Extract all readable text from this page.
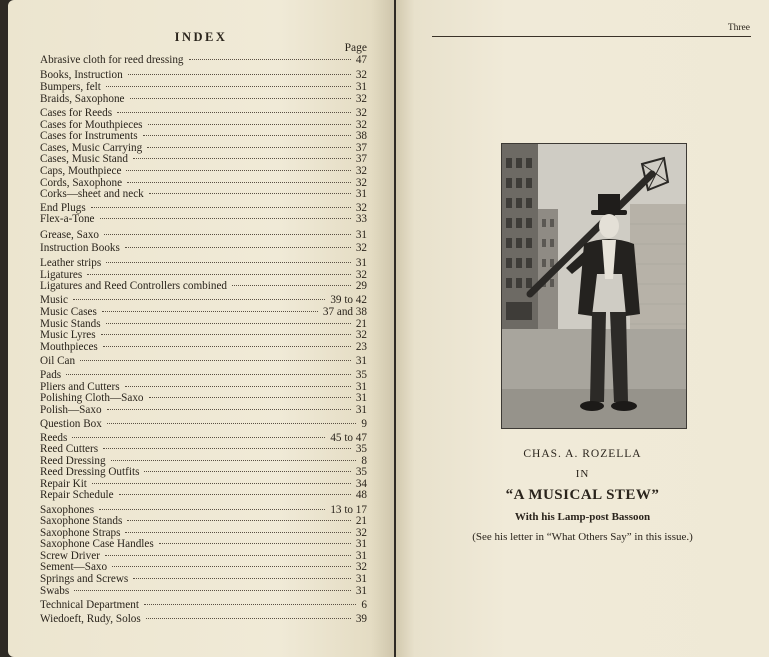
INDEX
Page
Abrasive cloth for reed dressing	47
Books, Instruction	32
Bumpers, felt	31
Braids, Saxophone	32
Cases for Reeds	32
Cases for Mouthpieces	32
Cases for Instruments	38
Cases, Music Carrying	37
Cases, Music Stand	37
Caps, Mouthpiece	32
Cords, Saxophone	32
Corks—sheet and neck	31
End Plugs	32
Flex-a-Tone	33
Grease, Saxo	31
Instruction Books	32
Leather strips	31
Ligatures	32
Ligatures and Reed Controllers combined	29
Music	39 to 42
Music Cases	37 and 38
Music Stands	21
Music Lyres	32
Mouthpieces	23
Oil Can	31
Pads	35
Pliers and Cutters	31
Polishing Cloth—Saxo	31
Polish—Saxo	31
Question Box	9
Reeds	45 to 47
Reed Cutters	35
Reed Dressing	8
Reed Dressing Outfits	35
Repair Kit	34
Repair Schedule	48
Saxophones	13 to 17
Saxophone Stands	21
Saxophone Straps	32
Saxophone Case Handles	31
Screw Driver	31
Sement—Saxo	32
Springs and Screws	31
Swabs	31
Technical Department	6
Wiedoeft, Rudy, Solos	39
Three
CHAS. A. ROZELLA
IN
“A MUSICAL STEW”
With his Lamp-post Bassoon
(See his letter in “What Others Say” in this issue.)
